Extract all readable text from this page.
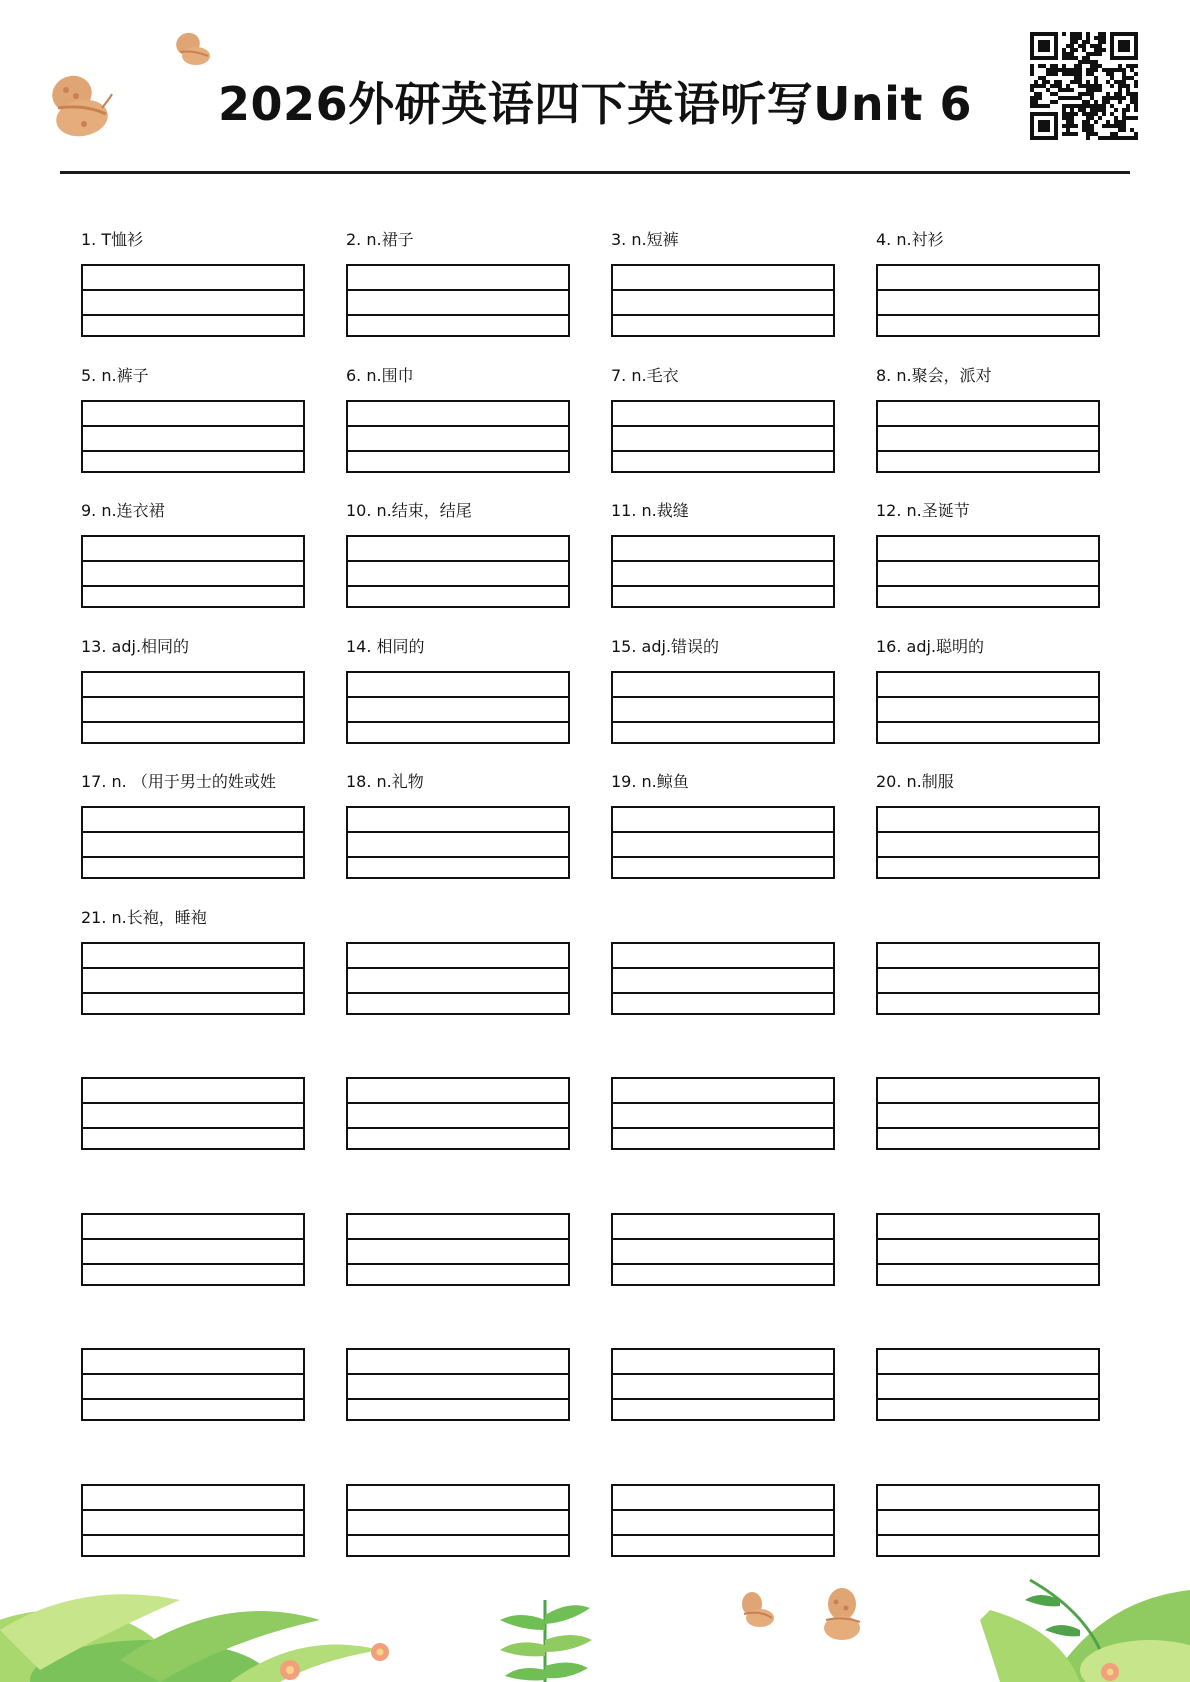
2026外研英语四下英语听写Unit 6
1. T恤衫	2. n.裙子	3. n.短裤	4. n.衬衫
5. n.裤子	6. n.围巾	7. n.毛衣	8. n.聚会，派对
9. n.连衣裙	10. n.结束，结尾	11. n.裁缝	12. n.圣诞节
13. adj.相同的	14. 相同的	15. adj.错误的	16. adj.聪明的
17. n. （用于男士的姓或姓	18. n.礼物	19. n.鲸鱼	20. n.制服
21. n.长袍，睡袍
